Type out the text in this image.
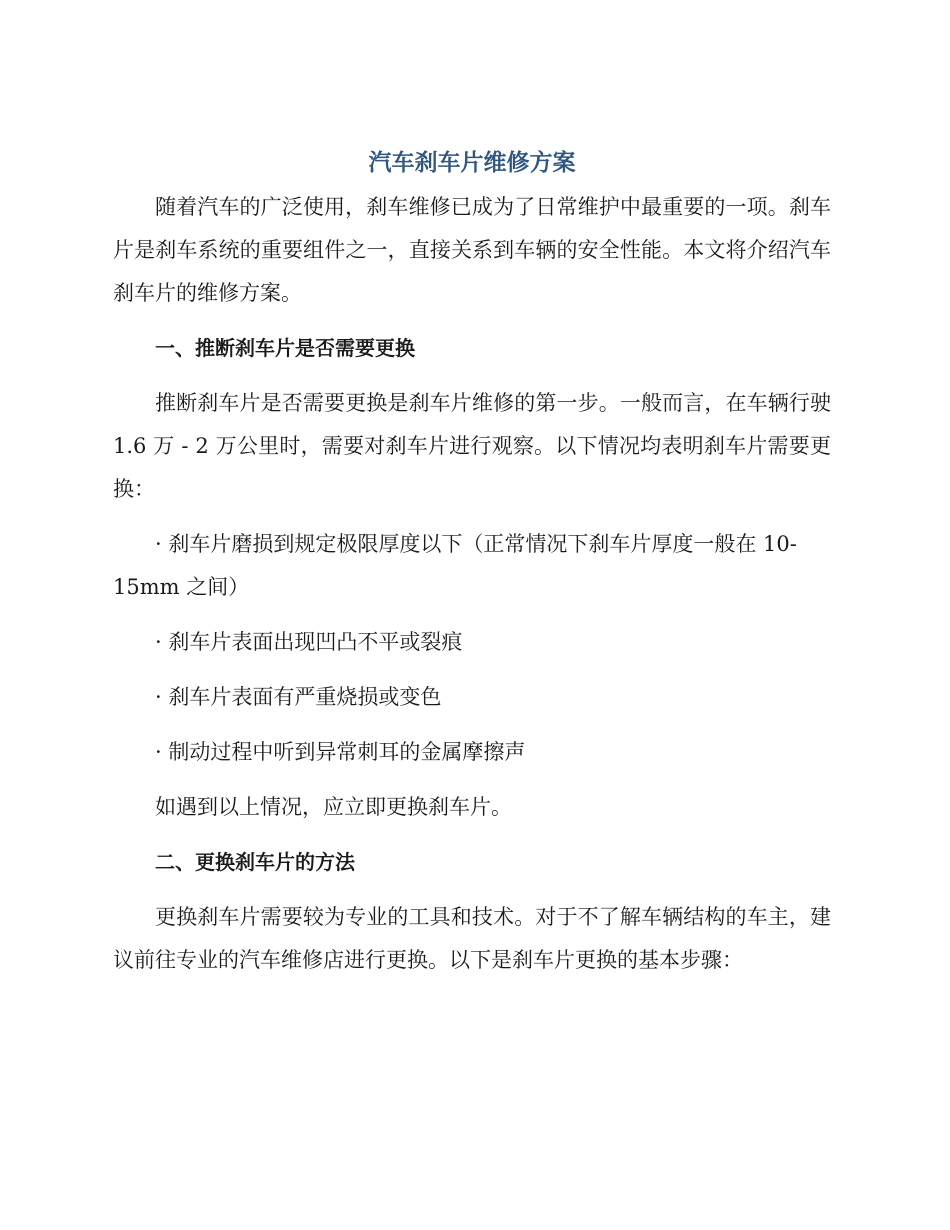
汽车刹车片维修方案

随着汽车的广泛使用，刹车维修已成为了日常维护中最重要的一项。刹车片是刹车系统的重要组件之一，直接关系到车辆的安全性能。本文将介绍汽车刹车片的维修方案。

一、推断刹车片是否需要更换

推断刹车片是否需要更换是刹车片维修的第一步。一般而言，在车辆行驶 1.6 万 - 2 万公里时，需要对刹车片进行观察。以下情况均表明刹车片需要更换：

· 刹车片磨损到规定极限厚度以下（正常情况下刹车片厚度一般在 10-15mm 之间）

· 刹车片表面出现凹凸不平或裂痕

· 刹车片表面有严重烧损或变色

· 制动过程中听到异常刺耳的金属摩擦声

如遇到以上情况，应立即更换刹车片。

二、更换刹车片的方法

更换刹车片需要较为专业的工具和技术。对于不了解车辆结构的车主，建议前往专业的汽车维修店进行更换。以下是刹车片更换的基本步骤：
